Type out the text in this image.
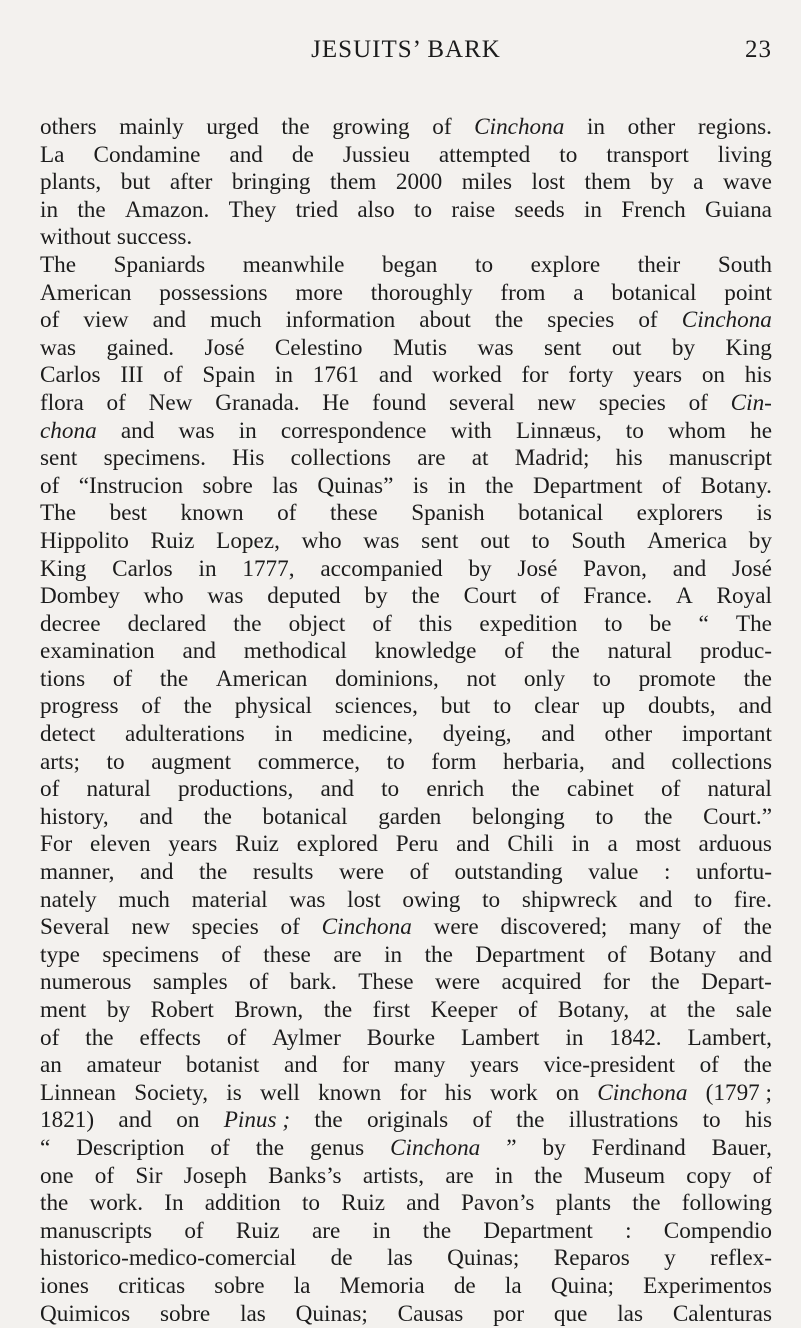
JESUITS’ BARK	23
others mainly urged the growing of Cinchona in other regions.
La Condamine and de Jussieu attempted to transport living
plants, but after bringing them 2000 miles lost them by a wave
in the Amazon. They tried also to raise seeds in French Guiana
without success.
The Spaniards meanwhile began to explore their South
American possessions more thoroughly from a botanical point
of view and much information about the species of Cinchona
was gained. José Celestino Mutis was sent out by King
Carlos III of Spain in 1761 and worked for forty years on his
flora of New Granada. He found several new species of Cin-
chona and was in correspondence with Linnæus, to whom he
sent specimens. His collections are at Madrid; his manuscript
of “Instrucion sobre las Quinas” is in the Department of Botany.
The best known of these Spanish botanical explorers is
Hippolito Ruiz Lopez, who was sent out to South America by
King Carlos in 1777, accompanied by José Pavon, and José
Dombey who was deputed by the Court of France. A Royal
decree declared the object of this expedition to be “ The
examination and methodical knowledge of the natural produc-
tions of the American dominions, not only to promote the
progress of the physical sciences, but to clear up doubts, and
detect adulterations in medicine, dyeing, and other important
arts; to augment commerce, to form herbaria, and collections
of natural productions, and to enrich the cabinet of natural
history, and the botanical garden belonging to the Court.”
For eleven years Ruiz explored Peru and Chili in a most arduous
manner, and the results were of outstanding value : unfortu-
nately much material was lost owing to shipwreck and to fire.
Several new species of Cinchona were discovered; many of the
type specimens of these are in the Department of Botany and
numerous samples of bark. These were acquired for the Depart-
ment by Robert Brown, the first Keeper of Botany, at the sale
of the effects of Aylmer Bourke Lambert in 1842. Lambert,
an amateur botanist and for many years vice-president of the
Linnean Society, is well known for his work on Cinchona (1797 ;
1821) and on Pinus ; the originals of the illustrations to his
“ Description of the genus Cinchona ” by Ferdinand Bauer,
one of Sir Joseph Banks’s artists, are in the Museum copy of
the work. In addition to Ruiz and Pavon’s plants the following
manuscripts of Ruiz are in the Department : Compendio
historico-medico-comercial de las Quinas; Reparos y reflex-
iones criticas sobre la Memoria de la Quina; Experimentos
Quimicos sobre las Quinas; Causas por que las Calenturas
